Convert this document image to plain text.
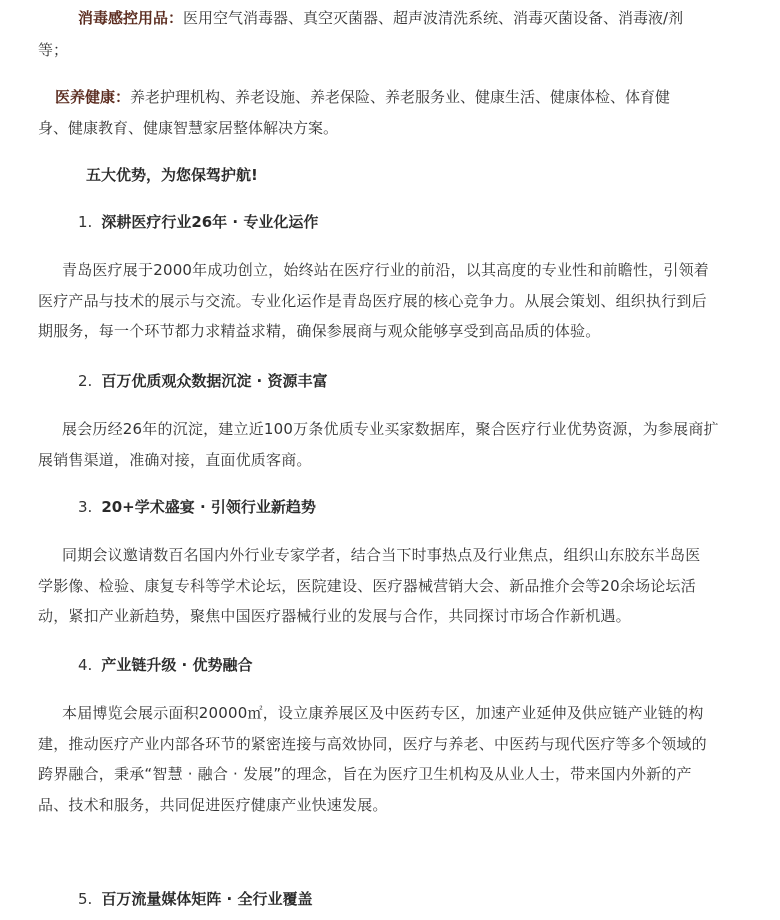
消毒感控用品：医用空气消毒器、真空灭菌器、超声波清洗系统、消毒灭菌设备、消毒液/剂
等；
医养健康：养老护理机构、养老设施、养老保险、养老服务业、健康生活、健康体检、体育健
身、健康教育、健康智慧家居整体解决方案。
五大优势，为您保驾护航!
1. 深耕医疗行业26年 · 专业化运作
青岛医疗展于2000年成功创立，始终站在医疗行业的前沿，以其高度的专业性和前瞻性，引领着
医疗产品与技术的展示与交流。专业化运作是青岛医疗展的核心竞争力。从展会策划、组织执行到后
期服务，每一个环节都力求精益求精，确保参展商与观众能够享受到高品质的体验。
2. 百万优质观众数据沉淀 · 资源丰富
展会历经26年的沉淀，建立近100万条优质专业买家数据库，聚合医疗行业优势资源，为参展商扩
展销售渠道，准确对接，直面优质客商。
3. 20+学术盛宴 · 引领行业新趋势
同期会议邀请数百名国内外行业专家学者，结合当下时事热点及行业焦点，组织山东胶东半岛医
学影像、检验、康复专科等学术论坛，医院建设、医疗器械营销大会、新品推介会等20余场论坛活
动，紧扣产业新趋势，聚焦中国医疗器械行业的发展与合作，共同探讨市场合作新机遇。
4. 产业链升级 · 优势融合
本届博览会展示面积20000㎡，设立康养展区及中医药专区，加速产业延伸及供应链产业链的构
建，推动医疗产业内部各环节的紧密连接与高效协同，医疗与养老、中医药与现代医疗等多个领域的
跨界融合，秉承“智慧 · 融合 · 发展”的理念，旨在为医疗卫生机构及从业人士，带来国内外新的产
品、技术和服务，共同促进医疗健康产业快速发展。
5. 百万流量媒体矩阵 · 全行业覆盖
